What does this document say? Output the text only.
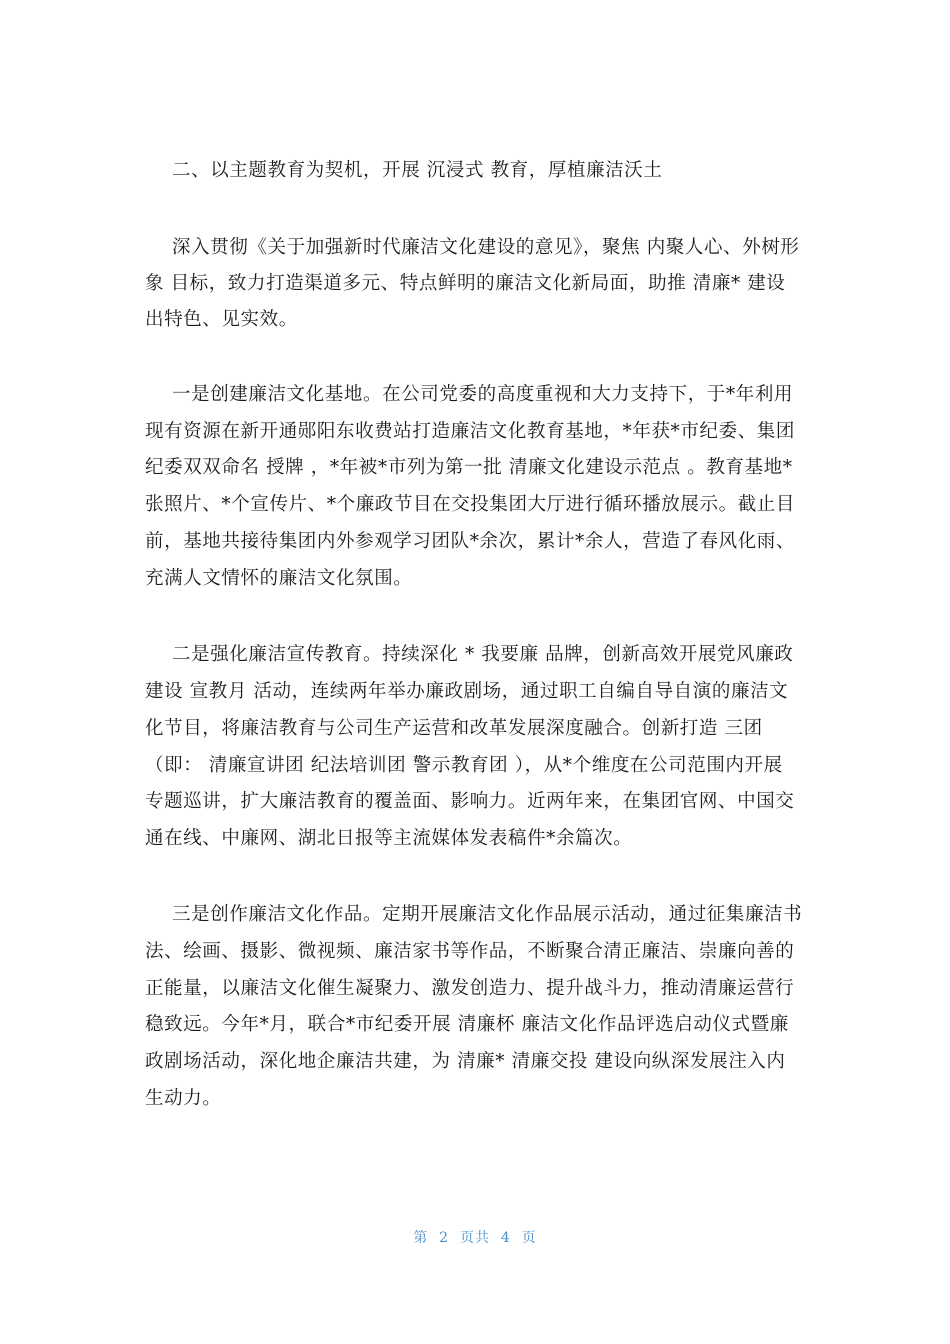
二、以主题教育为契机，开展 沉浸式 教育，厚植廉洁沃土
深入贯彻《关于加强新时代廉洁文化建设的意见》，聚焦 内聚人心、外树形
象 目标，致力打造渠道多元、特点鲜明的廉洁文化新局面，助推 清廉* 建设
出特色、见实效。
一是创建廉洁文化基地。在公司党委的高度重视和大力支持下，于*年利用
现有资源在新开通郧阳东收费站打造廉洁文化教育基地，*年获*市纪委、集团
纪委双双命名 授牌 ，*年被*市列为第一批 清廉文化建设示范点 。教育基地*
张照片、*个宣传片、*个廉政节目在交投集团大厅进行循环播放展示。截止目
前，基地共接待集团内外参观学习团队*余次，累计*余人，营造了春风化雨、
充满人文情怀的廉洁文化氛围。
二是强化廉洁宣传教育。持续深化 * 我要廉 品牌，创新高效开展党风廉政
建设 宣教月 活动，连续两年举办廉政剧场，通过职工自编自导自演的廉洁文
化节目，将廉洁教育与公司生产运营和改革发展深度融合。创新打造 三团
（即： 清廉宣讲团 纪法培训团 警示教育团 ），从*个维度在公司范围内开展
专题巡讲，扩大廉洁教育的覆盖面、影响力。近两年来，在集团官网、中国交
通在线、中廉网、湖北日报等主流媒体发表稿件*余篇次。
三是创作廉洁文化作品。定期开展廉洁文化作品展示活动，通过征集廉洁书
法、绘画、摄影、微视频、廉洁家书等作品，不断聚合清正廉洁、崇廉向善的
正能量，以廉洁文化催生凝聚力、激发创造力、提升战斗力，推动清廉运营行
稳致远。今年*月，联合*市纪委开展 清廉杯 廉洁文化作品评选启动仪式暨廉
政剧场活动，深化地企廉洁共建，为 清廉* 清廉交投 建设向纵深发展注入内
生动力。
第 2 页共 4 页
